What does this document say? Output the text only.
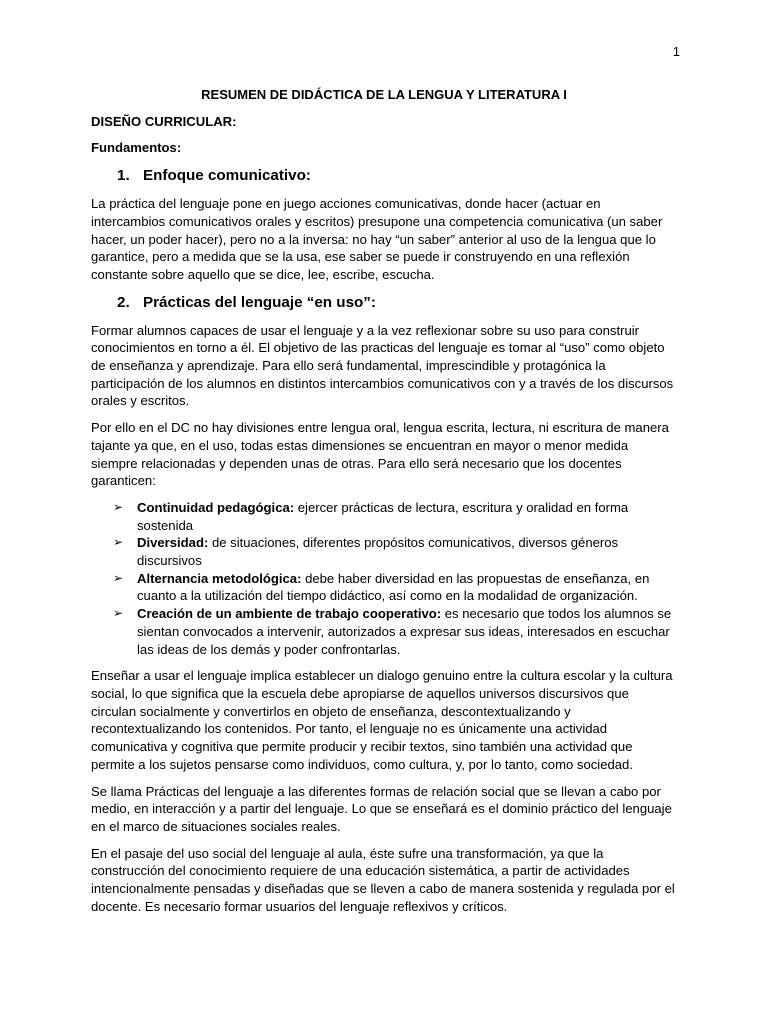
1
RESUMEN DE DIDÁCTICA DE LA LENGUA Y LITERATURA I
DISEÑO CURRICULAR:
Fundamentos:
1. Enfoque comunicativo:

La práctica del lenguaje pone en juego acciones comunicativas, donde hacer (actuar en intercambios comunicativos orales y escritos) presupone una competencia comunicativa (un saber hacer, un poder hacer), pero no a la inversa: no hay “un saber” anterior al uso de la lengua que lo garantice, pero a medida que se la usa, ese saber se puede ir construyendo en una reflexión constante sobre aquello que se dice, lee, escribe, escucha.

2. Prácticas del lenguaje “en uso”:

Formar alumnos capaces de usar el lenguaje y a la vez reflexionar sobre su uso para construir conocimientos en torno a él. El objetivo de las practicas del lenguaje es tomar al “uso” como objeto de enseñanza y aprendizaje. Para ello será fundamental, imprescindible y protagónica la participación de los alumnos en distintos intercambios comunicativos con y a través de los discursos orales y escritos.

Por ello en el DC no hay divisiones entre lengua oral, lengua escrita, lectura, ni escritura de manera tajante ya que, en el uso, todas estas dimensiones se encuentran en mayor o menor medida siempre relacionadas y dependen unas de otras. Para ello será necesario que los docentes garanticen:

➢ Continuidad pedagógica: ejercer prácticas de lectura, escritura y oralidad en forma sostenida
➢ Diversidad: de situaciones, diferentes propósitos comunicativos, diversos géneros discursivos
➢ Alternancia metodológica: debe haber diversidad en las propuestas de enseñanza, en cuanto a la utilización del tiempo didáctico, así como en la modalidad de organización.
➢ Creación de un ambiente de trabajo cooperativo: es necesario que todos los alumnos se sientan convocados a intervenir, autorizados a expresar sus ideas, interesados en escuchar las ideas de los demás y poder confrontarlas.

Enseñar a usar el lenguaje implica establecer un dialogo genuino entre la cultura escolar y la cultura social, lo que significa que la escuela debe apropiarse de aquellos universos discursivos que circulan socialmente y convertirlos en objeto de enseñanza, descontextualizando y recontextualizando los contenidos. Por tanto, el lenguaje no es únicamente una actividad comunicativa y cognitiva que permite producir y recibir textos, sino también una actividad que permite a los sujetos pensarse como individuos, como cultura, y, por lo tanto, como sociedad.

Se llama Prácticas del lenguaje a las diferentes formas de relación social que se llevan a cabo por medio, en interacción y a partir del lenguaje. Lo que se enseñará es el dominio práctico del lenguaje en el marco de situaciones sociales reales.

En el pasaje del uso social del lenguaje al aula, éste sufre una transformación, ya que la construcción del conocimiento requiere de una educación sistemática, a partir de actividades intencionalmente pensadas y diseñadas que se lleven a cabo de manera sostenida y regulada por el docente. Es necesario formar usuarios del lenguaje reflexivos y críticos.
